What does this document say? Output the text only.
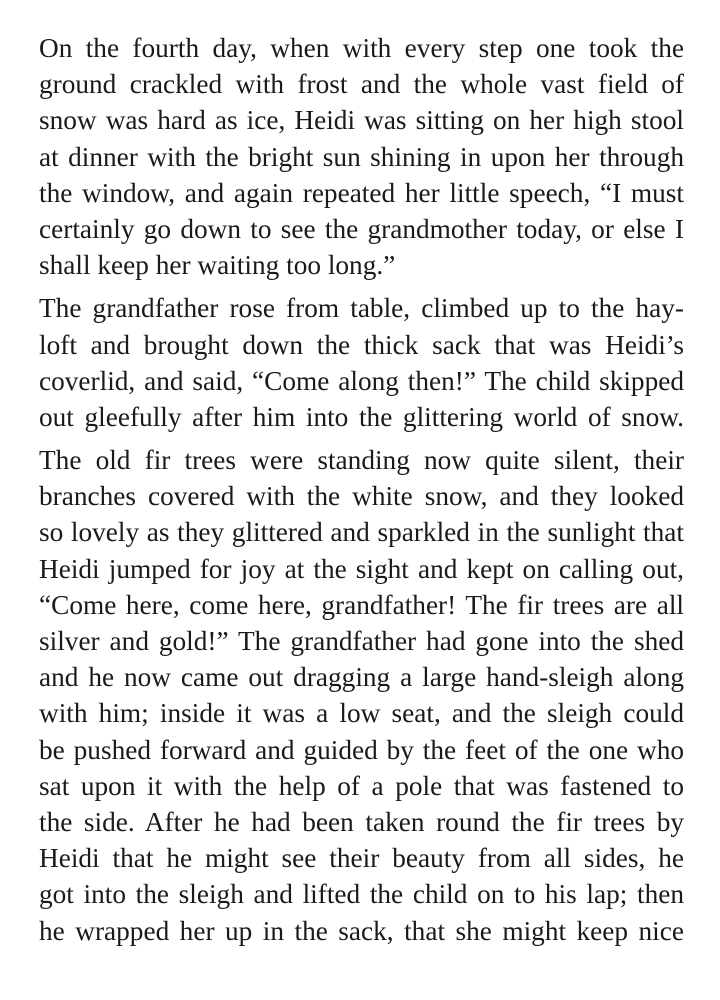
On the fourth day, when with every step one took the
ground crackled with frost and the whole vast field of
snow was hard as ice, Heidi was sitting on her high stool
at dinner with the bright sun shining in upon her through
the window, and again repeated her little speech, “I must
certainly go down to see the grandmother today, or else I
shall keep her waiting too long.”
The grandfather rose from table, climbed up to the hay-
loft and brought down the thick sack that was Heidi’s
coverlid, and said, “Come along then!” The child skipped
out gleefully after him into the glittering world of snow.
The old fir trees were standing now quite silent, their
branches covered with the white snow, and they looked
so lovely as they glittered and sparkled in the sunlight that
Heidi jumped for joy at the sight and kept on calling out,
“Come here, come here, grandfather! The fir trees are all
silver and gold!” The grandfather had gone into the shed
and he now came out dragging a large hand-sleigh along
with him; inside it was a low seat, and the sleigh could
be pushed forward and guided by the feet of the one who
sat upon it with the help of a pole that was fastened to
the side. After he had been taken round the fir trees by
Heidi that he might see their beauty from all sides, he
got into the sleigh and lifted the child on to his lap; then
he wrapped her up in the sack, that she might keep nice
